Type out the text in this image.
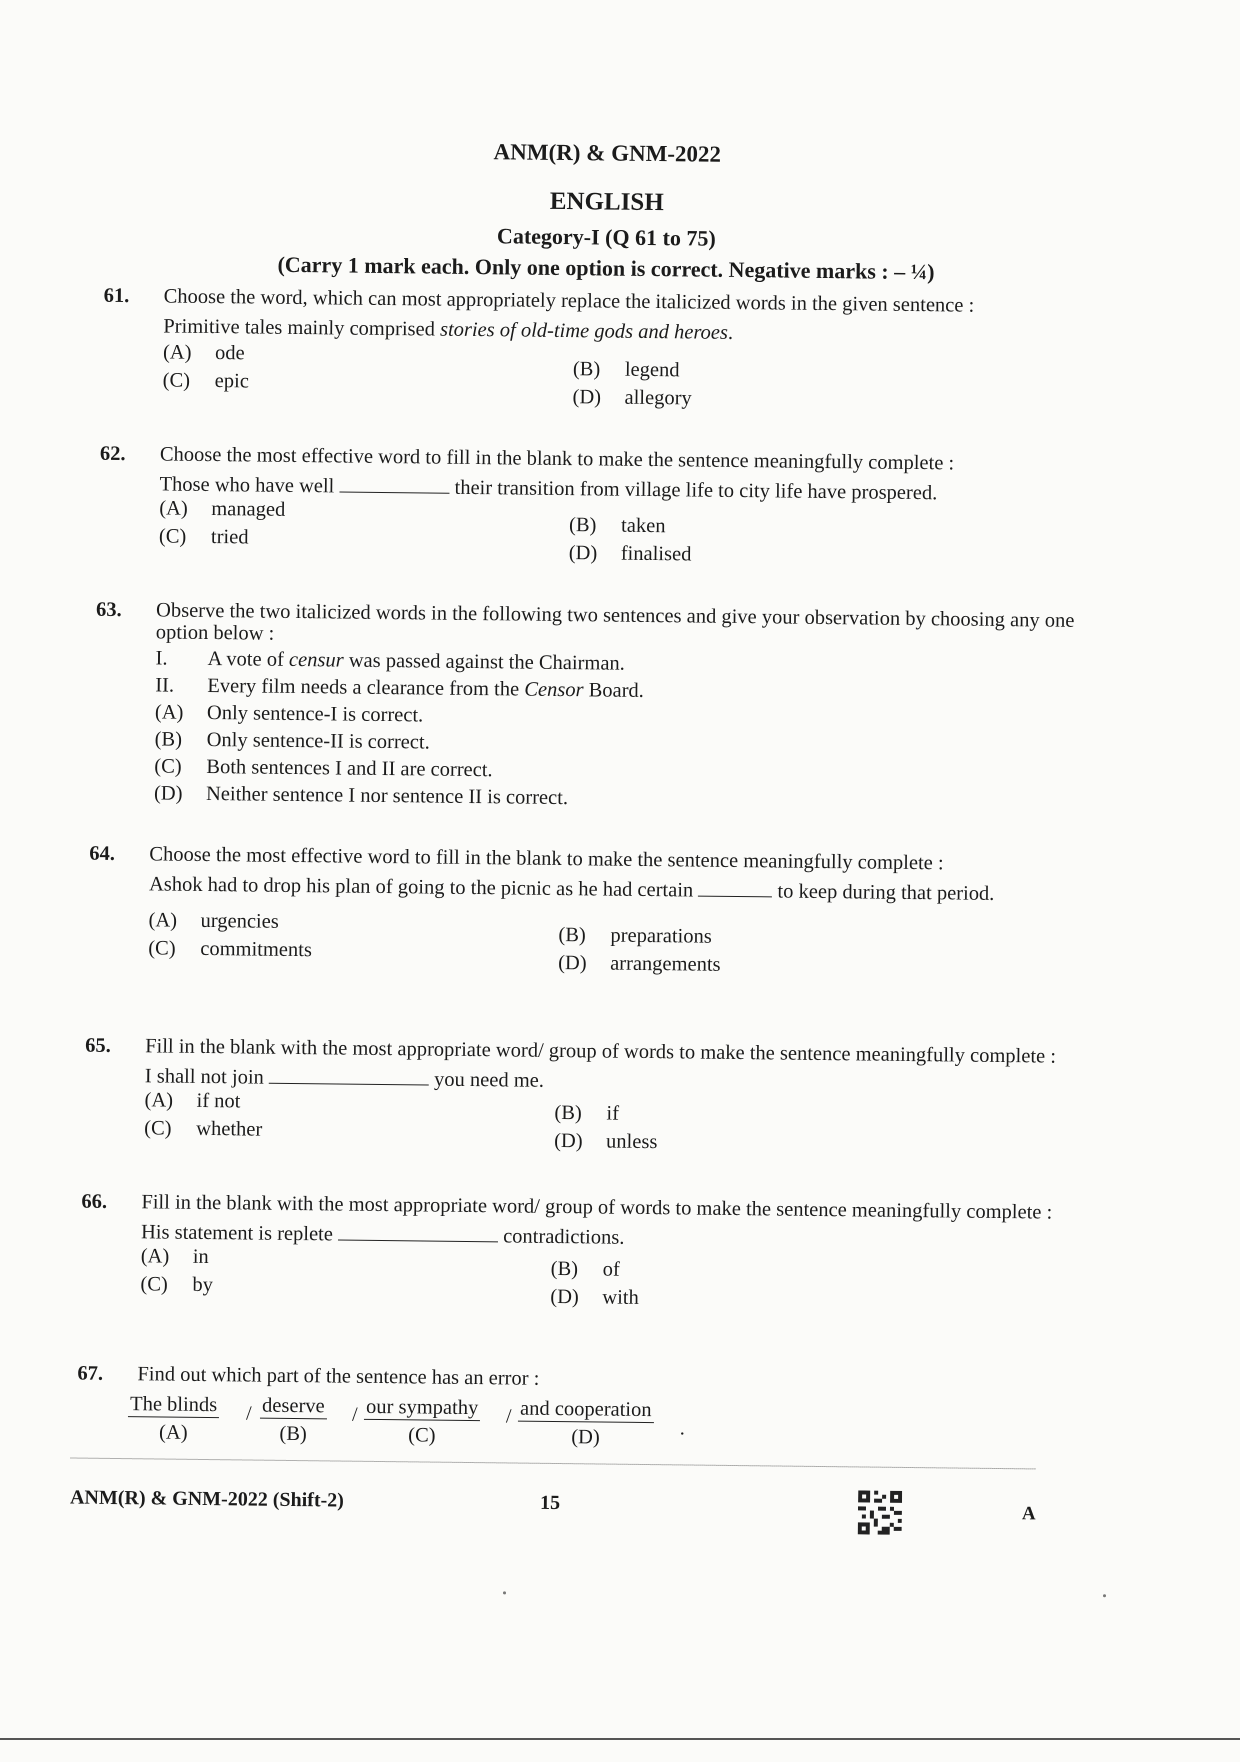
ANM(R) & GNM-2022
ENGLISH
Category-I (Q 61 to 75)
(Carry 1 mark each. Only one option is correct. Negative marks : – ¼)
61.	Choose the word, which can most appropriately replace the italicized words in the given sentence :

Primitive tales mainly comprised stories of old-time gods and heroes.
(A) ode
(B) legend
(C) epic
(D) allegory
62.	Choose the most effective word to fill in the blank to make the sentence meaningfully complete :

Those who have well	their transition from village life to city life have prospered.
(A) managed
(B) taken
(C) tried
(D) finalised
63.	Observe the two italicized words in the following two sentences and give your observation by choosing any one option below :

I. A vote of censur was passed against the Chairman.
II. Every film needs a clearance from the Censor Board.
(A) Only sentence-I is correct.
(B) Only sentence-II is correct.
(C) Both sentences I and II are correct.
(D) Neither sentence I nor sentence II is correct.
64.	Choose the most effective word to fill in the blank to make the sentence meaningfully complete :

Ashok had to drop his plan of going to the picnic as he had certain	to keep during that period.
(A) urgencies
(B) preparations
(C) commitments
(D) arrangements
65.	Fill in the blank with the most appropriate word/ group of words to make the sentence meaningfully complete :

I shall not join	you need me.
(A) if not
(B) if
(C) whether
(D) unless
66.	Fill in the blank with the most appropriate word/ group of words to make the sentence meaningfully complete :

His statement is replete	contradictions.
(A) in
(B) of
(C) by
(D) with
67.	Find out which part of the sentence has an error :

The blinds
(A)
/ deserve
(B)
/ our sympathy
(C)
/ and cooperation
(D)	.
ANM(R) & GNM-2022 (Shift-2)	15	A
